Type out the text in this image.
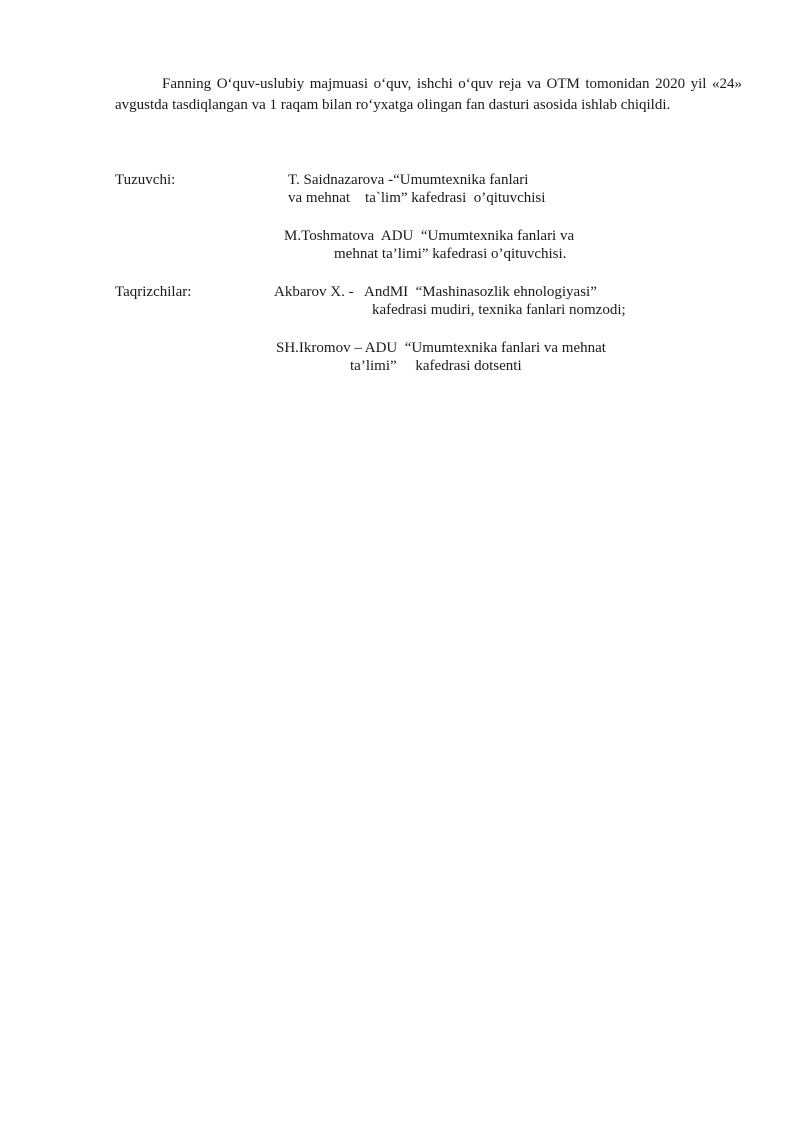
Fanning O‘quv-uslubiy majmuasi o‘quv, ishchi o‘quv reja va OTM tomonidan 2020 yil «24» avgustda tasdiqlangan va 1 raqam bilan ro‘yxatga olingan fan dasturi asosida ishlab chiqildi.

Tuzuvchi:	T. Saidnazarova -“Umumtexnika fanlari
va mehnat    ta`lim” kafedrasi  o’qituvchisi
M.Toshmatova  ADU  “Umumtexnika fanlari va
mehnat ta’limi” kafedrasi o’qituvchisi.
Taqrizchilar:	Akbarov X. -   AndMI  “Mashinasozlik ehnologiyasi”
kafedrasi mudiri, texnika fanlari nomzodi;
SH.Ikromov – ADU  “Umumtexnika fanlari va mehnat
ta’limi”     kafedrasi dotsenti
